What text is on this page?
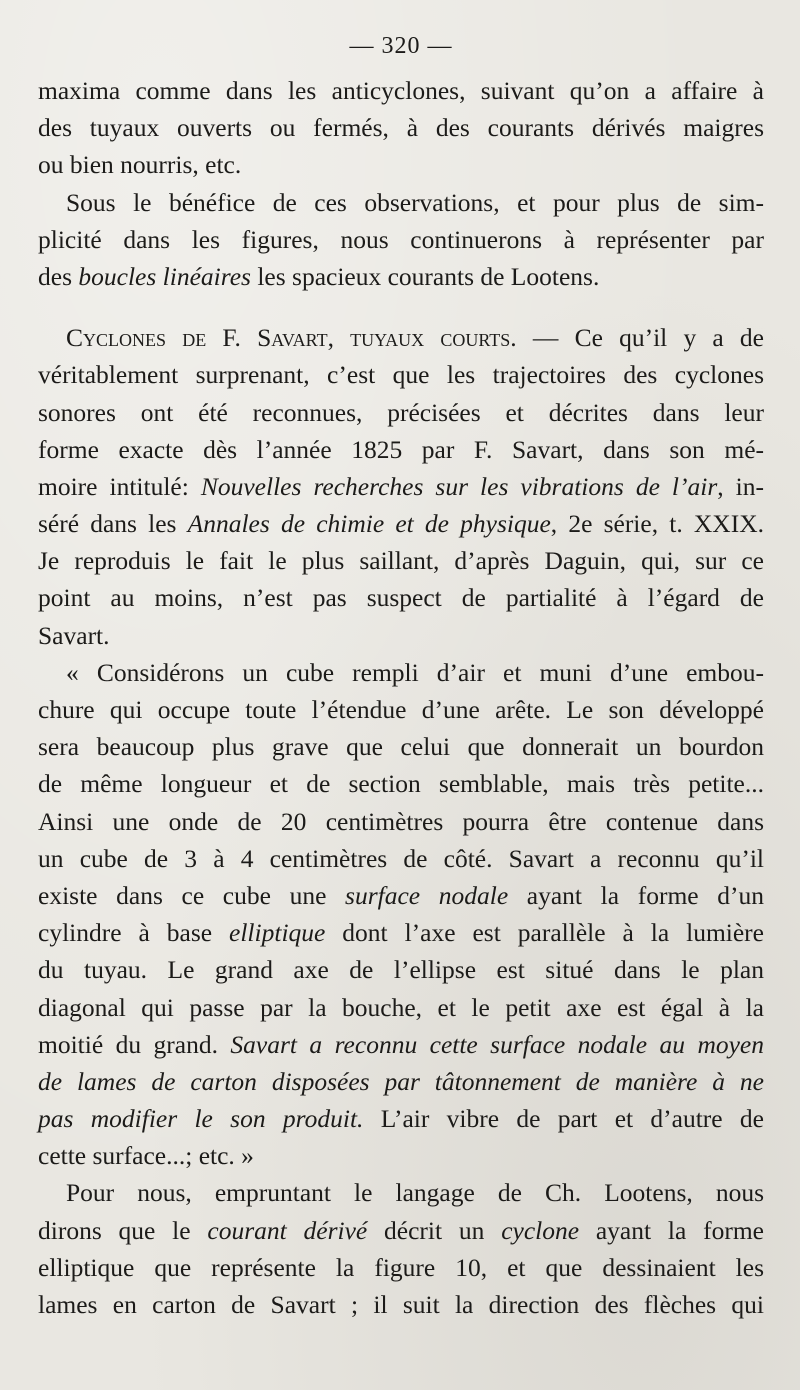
— 320 —
maxima comme dans les anticyclones, suivant qu’on a affaire à
des tuyaux ouverts ou fermés, à des courants dérivés maigres
ou bien nourris, etc.
Sous le bénéfice de ces observations, et pour plus de sim-
plicité dans les figures, nous continuerons à représenter par
des boucles linéaires les spacieux courants de Lootens.
Cyclones de F. Savart, tuyaux courts. — Ce qu’il y a de
véritablement surprenant, c’est que les trajectoires des cyclones
sonores ont été reconnues, précisées et décrites dans leur
forme exacte dès l’année 1825 par F. Savart, dans son mé-
moire intitulé: Nouvelles recherches sur les vibrations de l’air, in-
séré dans les Annales de chimie et de physique, 2e série, t. XXIX.
Je reproduis le fait le plus saillant, d’après Daguin, qui, sur ce
point au moins, n’est pas suspect de partialité à l’égard de
Savart.
« Considérons un cube rempli d’air et muni d’une embou-
chure qui occupe toute l’étendue d’une arête. Le son développé
sera beaucoup plus grave que celui que donnerait un bourdon
de même longueur et de section semblable, mais très petite...
Ainsi une onde de 20 centimètres pourra être contenue dans
un cube de 3 à 4 centimètres de côté. Savart a reconnu qu’il
existe dans ce cube une surface nodale ayant la forme d’un
cylindre à base elliptique dont l’axe est parallèle à la lumière
du tuyau. Le grand axe de l’ellipse est situé dans le plan
diagonal qui passe par la bouche, et le petit axe est égal à la
moitié du grand. Savart a reconnu cette surface nodale au moyen
de lames de carton disposées par tâtonnement de manière à ne
pas modifier le son produit. L’air vibre de part et d’autre de
cette surface...; etc. »
Pour nous, empruntant le langage de Ch. Lootens, nous
dirons que le courant dérivé décrit un cyclone ayant la forme
elliptique que représente la figure 10, et que dessinaient les
lames en carton de Savart ; il suit la direction des flèches qui
